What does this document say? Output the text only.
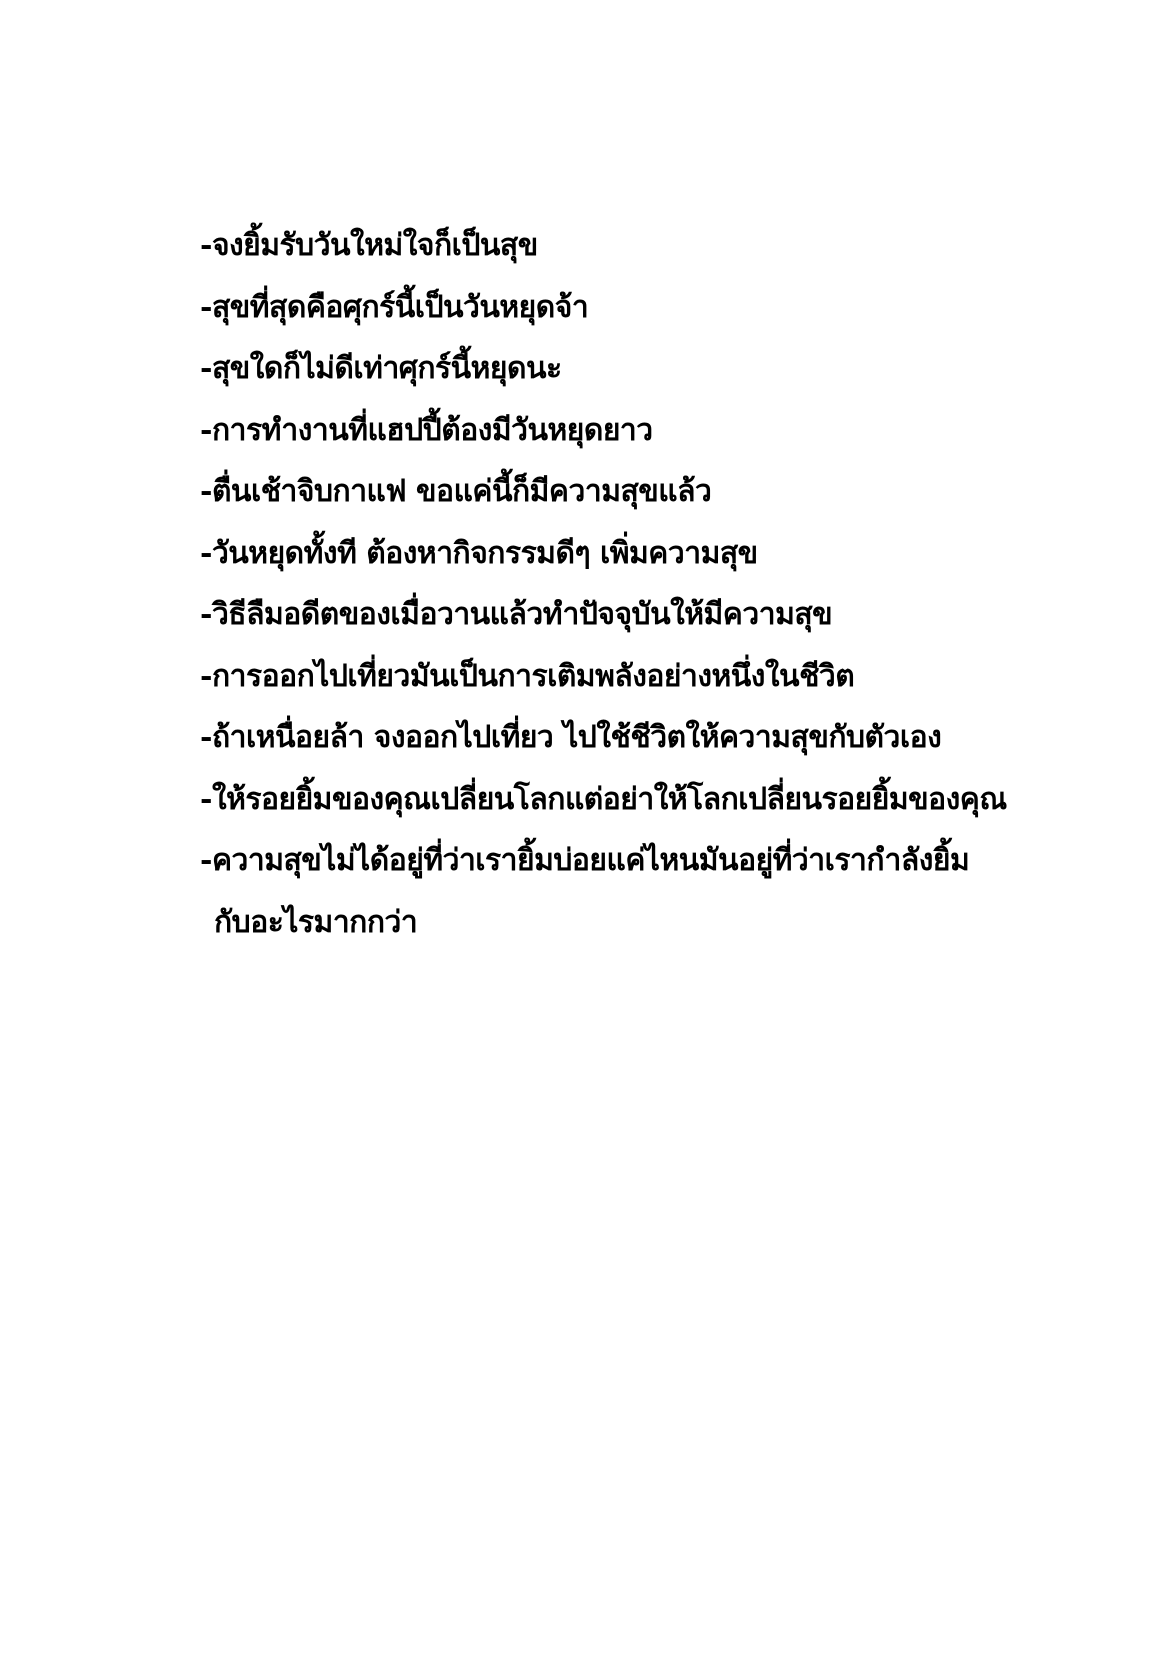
-จงยิ้มรับวันใหม่ใจก็เป็นสุข
-สุขที่สุดคือศุกร์นี้เป็นวันหยุดจ้า
-สุขใดก็ไม่ดีเท่าศุกร์นี้หยุดนะ
-การทำงานที่แฮปปี้ต้องมีวันหยุดยาว
-ตื่นเช้าจิบกาแฟ ขอแค่นี้ก็มีความสุขแล้ว
-วันหยุดทั้งที ต้องหากิจกรรมดีๆ เพิ่มความสุข
-วิธีลืมอดีตของเมื่อวานแล้วทำปัจจุบันให้มีความสุข
-การออกไปเที่ยวมันเป็นการเติมพลังอย่างหนึ่งในชีวิต
-ถ้าเหนื่อยล้า จงออกไปเที่ยว ไปใช้ชีวิตให้ความสุขกับตัวเอง
-ให้รอยยิ้มของคุณเปลี่ยนโลกแต่อย่าให้โลกเปลี่ยนรอยยิ้มของคุณ
-ความสุขไม่ได้อยู่ที่ว่าเรายิ้มบ่อยแค่ไหนมันอยู่ที่ว่าเรากำลังยิ้ม
กับอะไรมากกว่า
